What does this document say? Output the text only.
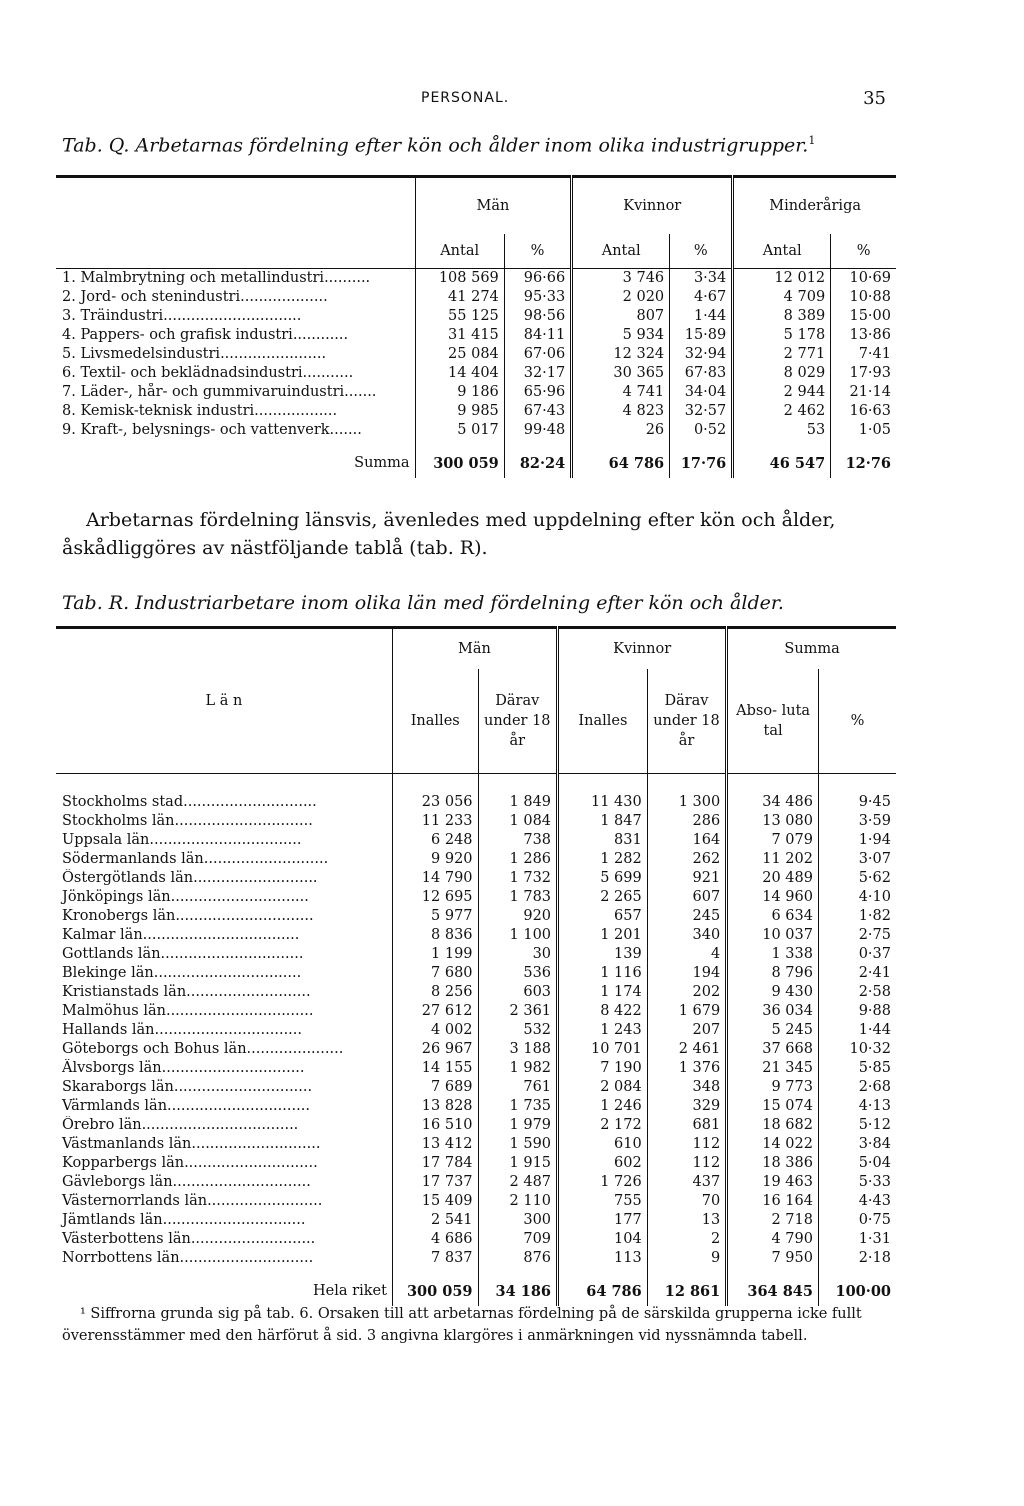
PERSONAL.	35
Tab. Q. Arbetarnas fördelning efter kön och ålder inom olika industrigrupper.$^1$
	Män		Kvinnor		Minderåriga	
	Antal	%	Antal	%	Antal	%
1. Malmbrytning och metallindustri..........	108 569	96·66	3 746	3·34	12 012	10·69
2. Jord- och stenindustri...................	41 274	95·33	2 020	4·67	4 709	10·88
3. Träindustri..............................	55 125	98·56	807	1·44	8 389	15·00
4. Pappers- och grafisk industri............	31 415	84·11	5 934	15·89	5 178	13·86
5. Livsmedelsindustri.......................	25 084	67·06	12 324	32·94	2 771	7·41
6. Textil- och beklädnadsindustri...........	14 404	32·17	30 365	67·83	8 029	17·93
7. Läder-, hår- och gummivaruindustri.......	9 186	65·96	4 741	34·04	2 944	21·14
8. Kemisk-teknisk industri..................	9 985	67·43	4 823	32·57	2 462	16·63
9. Kraft-, belysnings- och vattenverk.......	5 017	99·48	26	0·52	53	1·05

Summa	300 059	82·24	64 786	17·76	46 547	12·76
Arbetarnas fördelning länsvis, ävenledes med uppdelning efter kön och ålder, åskådliggöres av nästföljande tablå (tab. R).
Tab. R. Industriarbetare inom olika län med fördelning efter kön och ålder.
L ä n	Män		Kvinnor		Summa	
	Inalles	Därav under 18 år	Inalles	Därav under 18 år	Abso- luta tal	%

Stockholms stad.............................	23 056	1 849	11 430	1 300	34 486	9·45
Stockholms län..............................	11 233	1 084	1 847	286	13 080	3·59
Uppsala län.................................	6 248	738	831	164	7 079	1·94
Södermanlands län...........................	9 920	1 286	1 282	262	11 202	3·07
Östergötlands län...........................	14 790	1 732	5 699	921	20 489	5·62
Jönköpings län..............................	12 695	1 783	2 265	607	14 960	4·10
Kronobergs län..............................	5 977	920	657	245	6 634	1·82
Kalmar län..................................	8 836	1 100	1 201	340	10 037	2·75
Gottlands län...............................	1 199	30	139	4	1 338	0·37
Blekinge län................................	7 680	536	1 116	194	8 796	2·41
Kristianstads län...........................	8 256	603	1 174	202	9 430	2·58
Malmöhus län................................	27 612	2 361	8 422	1 679	36 034	9·88
Hallands län................................	4 002	532	1 243	207	5 245	1·44
Göteborgs och Bohus län.....................	26 967	3 188	10 701	2 461	37 668	10·32
Älvsborgs län...............................	14 155	1 982	7 190	1 376	21 345	5·85
Skaraborgs län..............................	7 689	761	2 084	348	9 773	2·68
Värmlands län...............................	13 828	1 735	1 246	329	15 074	4·13
Örebro län..................................	16 510	1 979	2 172	681	18 682	5·12
Västmanlands län............................	13 412	1 590	610	112	14 022	3·84
Kopparbergs län.............................	17 784	1 915	602	112	18 386	5·04
Gävleborgs län..............................	17 737	2 487	1 726	437	19 463	5·33
Västernorrlands län.........................	15 409	2 110	755	70	16 164	4·43
Jämtlands län...............................	2 541	300	177	13	2 718	0·75
Västerbottens län...........................	4 686	709	104	2	4 790	1·31
Norrbottens län.............................	7 837	876	113	9	7 950	2·18

Hela riket	300 059	34 186	64 786	12 861	364 845	100·00
¹ Siffrorna grunda sig på tab. 6. Orsaken till att arbetarnas fördelning på de särskilda grupperna icke fullt överensstämmer med den härförut å sid. 3 angivna klargöres i anmärkningen vid nyssnämnda tabell.
